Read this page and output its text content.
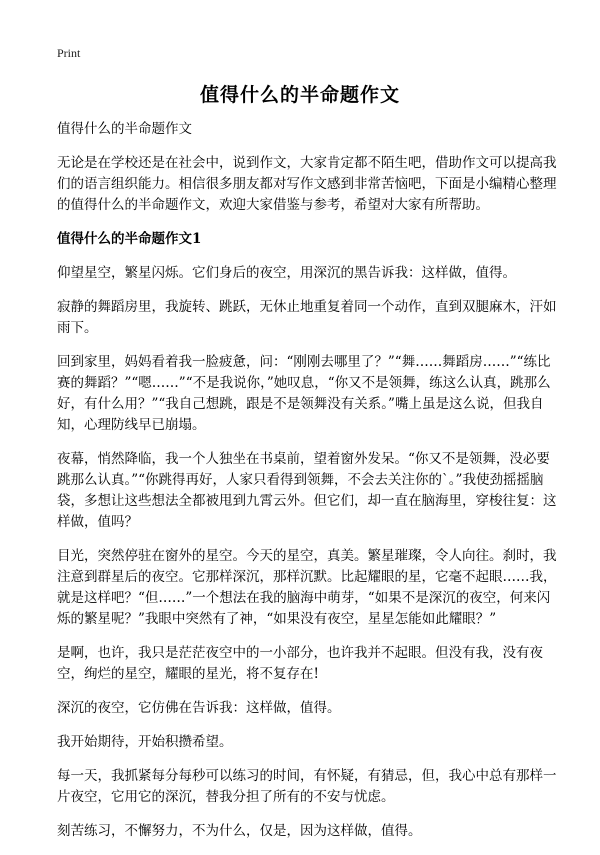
Print
值得什么的半命题作文

值得什么的半命题作文

无论是在学校还是在社会中，说到作文，大家肯定都不陌生吧，借助作文可以提高我们的语言组织能力。相信很多朋友都对写作文感到非常苦恼吧，下面是小编精心整理的值得什么的半命题作文，欢迎大家借鉴与参考，希望对大家有所帮助。

值得什么的半命题作文1

仰望星空，繁星闪烁。它们身后的夜空，用深沉的黑告诉我：这样做，值得。

寂静的舞蹈房里，我旋转、跳跃，无休止地重复着同一个动作，直到双腿麻木，汗如雨下。

回到家里，妈妈看着我一脸疲惫，问：“刚刚去哪里了？”“舞……舞蹈房……”“练比赛的舞蹈？”“嗯……”“不是我说你，”她叹息，“你又不是领舞，练这么认真，跳那么好，有什么用？”“我自己想跳，跟是不是领舞没有关系。”嘴上虽是这么说，但我自知，心理防线早已崩塌。

夜幕，悄然降临，我一个人独坐在书桌前，望着窗外发呆。“你又不是领舞，没必要跳那么认真。”“你跳得再好，人家只看得到领舞，不会去关注你的`。”我使劲摇摇脑袋，多想让这些想法全都被甩到九霄云外。但它们，却一直在脑海里，穿梭往复：这样做，值吗？

目光，突然停驻在窗外的星空。今天的星空，真美。繁星璀璨，令人向往。刹时，我注意到群星后的夜空。它那样深沉，那样沉默。比起耀眼的星，它毫不起眼……我，就是这样吧？“但……”一个想法在我的脑海中萌芽，“如果不是深沉的夜空，何来闪烁的繁星呢？”我眼中突然有了神，“如果没有夜空，星星怎能如此耀眼？”

是啊，也许，我只是茫茫夜空中的一小部分，也许我并不起眼。但没有我，没有夜空，绚烂的星空，耀眼的星光，将不复存在!

深沉的夜空，它仿佛在告诉我：这样做，值得。

我开始期待，开始积攒希望。

每一天，我抓紧每分每秒可以练习的时间，有怀疑，有猜忌，但，我心中总有那样一片夜空，它用它的深沉，替我分担了所有的不安与忧虑。

刻苦练习，不懈努力，不为什么，仅是，因为这样做，值得。
